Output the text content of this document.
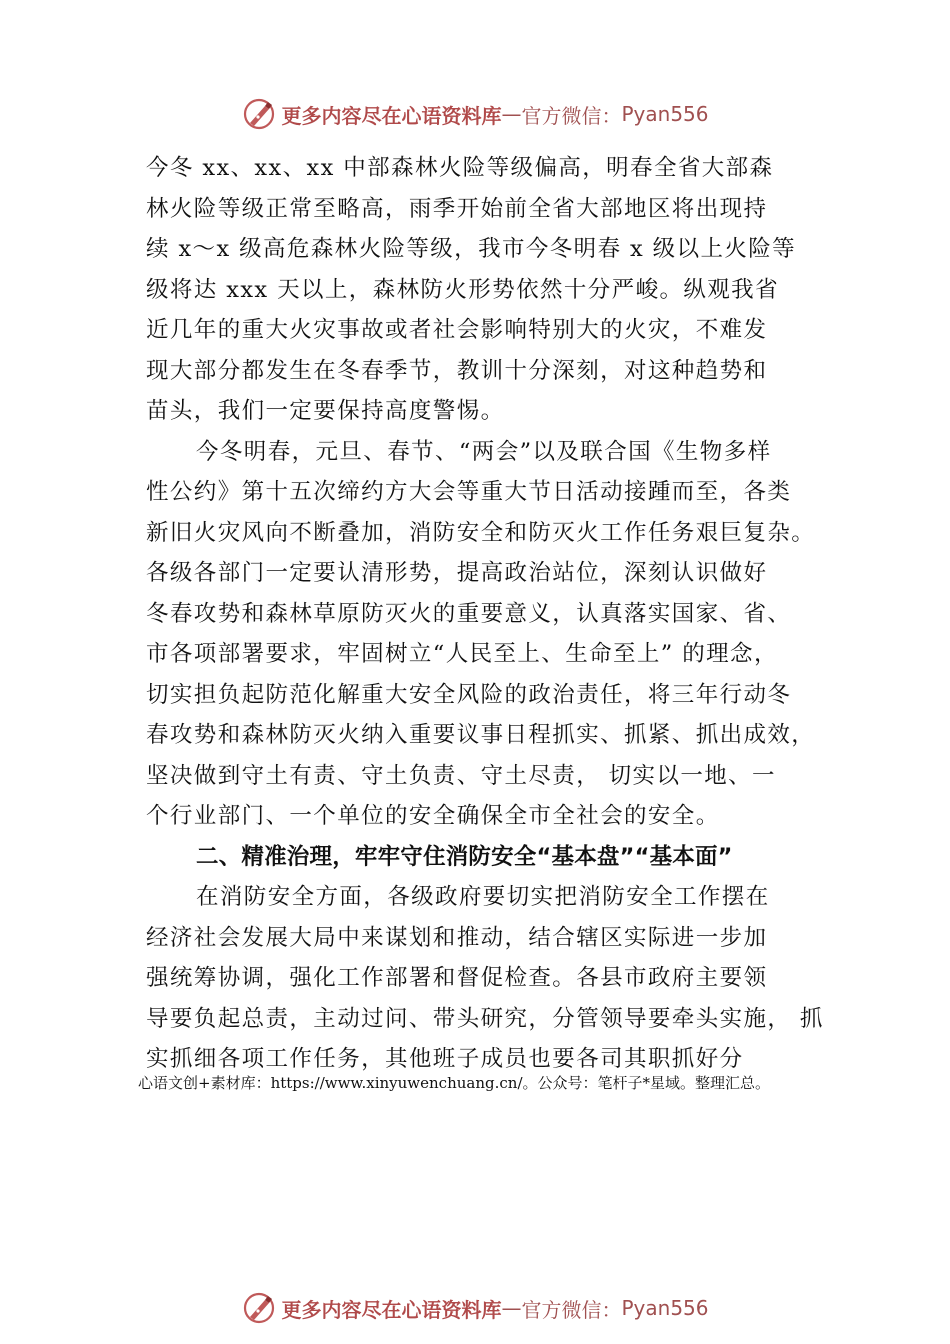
更多内容尽在心语资料库 — 官方微信： Pyan556
今冬 xx、xx、xx 中部森林火险等级偏高，明春全省大部森
林火险等级正常至略高，雨季开始前全省大部地区将出现持
续 x～x 级高危森林火险等级，我市今冬明春 x 级以上火险等
级将达 xxx 天以上，森林防火形势依然十分严峻。纵观我省
近几年的重大火灾事故或者社会影响特别大的火灾，不难发
现大部分都发生在冬春季节，教训十分深刻，对这种趋势和
苗头，我们一定要保持高度警惕。
今冬明春，元旦、春节、“两会”以及联合国《生物多样
性公约》第十五次缔约方大会等重大节日活动接踵而至，各类
新旧火灾风向不断叠加，消防安全和防灭火工作任务艰巨复杂。
各级各部门一定要认清形势，提高政治站位，深刻认识做好
冬春攻势和森林草原防灭火的重要意义，认真落实国家、省、
市各项部署要求，牢固树立“人民至上、生命至上” 的理念，
切实担负起防范化解重大安全风险的政治责任，将三年行动冬
春攻势和森林防灭火纳入重要议事日程抓实、抓紧、抓出成效，
坚决做到守土有责、守土负责、守土尽责， 切实以一地、一
个行业部门、一个单位的安全确保全市全社会的安全。
二、精准治理，牢牢守住消防安全“基本盘”“基本面”
在消防安全方面，各级政府要切实把消防安全工作摆在
经济社会发展大局中来谋划和推动，结合辖区实际进一步加
强统筹协调，强化工作部署和督促检查。各县市政府主要领
导要负起总责，主动过问、带头研究，分管领导要牵头实施， 抓
实抓细各项工作任务，其他班子成员也要各司其职抓好分
心语文创+素材库：https://www.xinyuwenchuang.cn/。公众号：笔杆子*星域。整理汇总。
更多内容尽在心语资料库 — 官方微信： Pyan556
